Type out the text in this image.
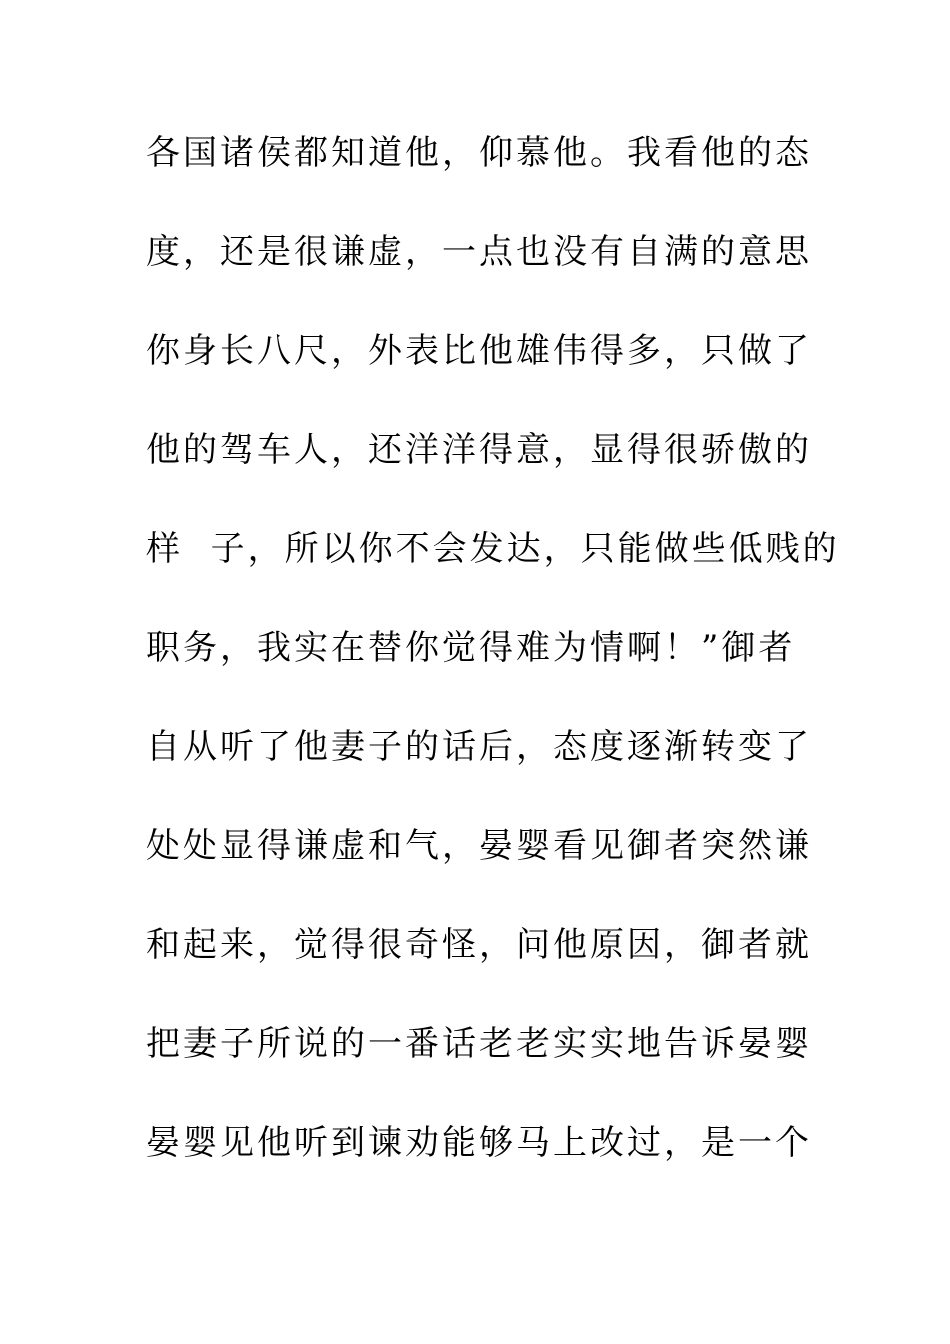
各国诸侯都知道他，仰慕他。我看他的态
度，还是很谦虚，一点也没有自满的意思
你身长八尺，外表比他雄伟得多，只做了
他的驾车人，还洋洋得意，显得很骄傲的
样  子，所以你不会发达，只能做些低贱的
职务，我实在替你觉得难为情啊！”御者
自从听了他妻子的话后，态度逐渐转变了
处处显得谦虚和气，晏婴看见御者突然谦
和起来，觉得很奇怪，问他原因，御者就
把妻子所说的一番话老老实实地告诉晏婴
晏婴见他听到谏劝能够马上改过，是一个
